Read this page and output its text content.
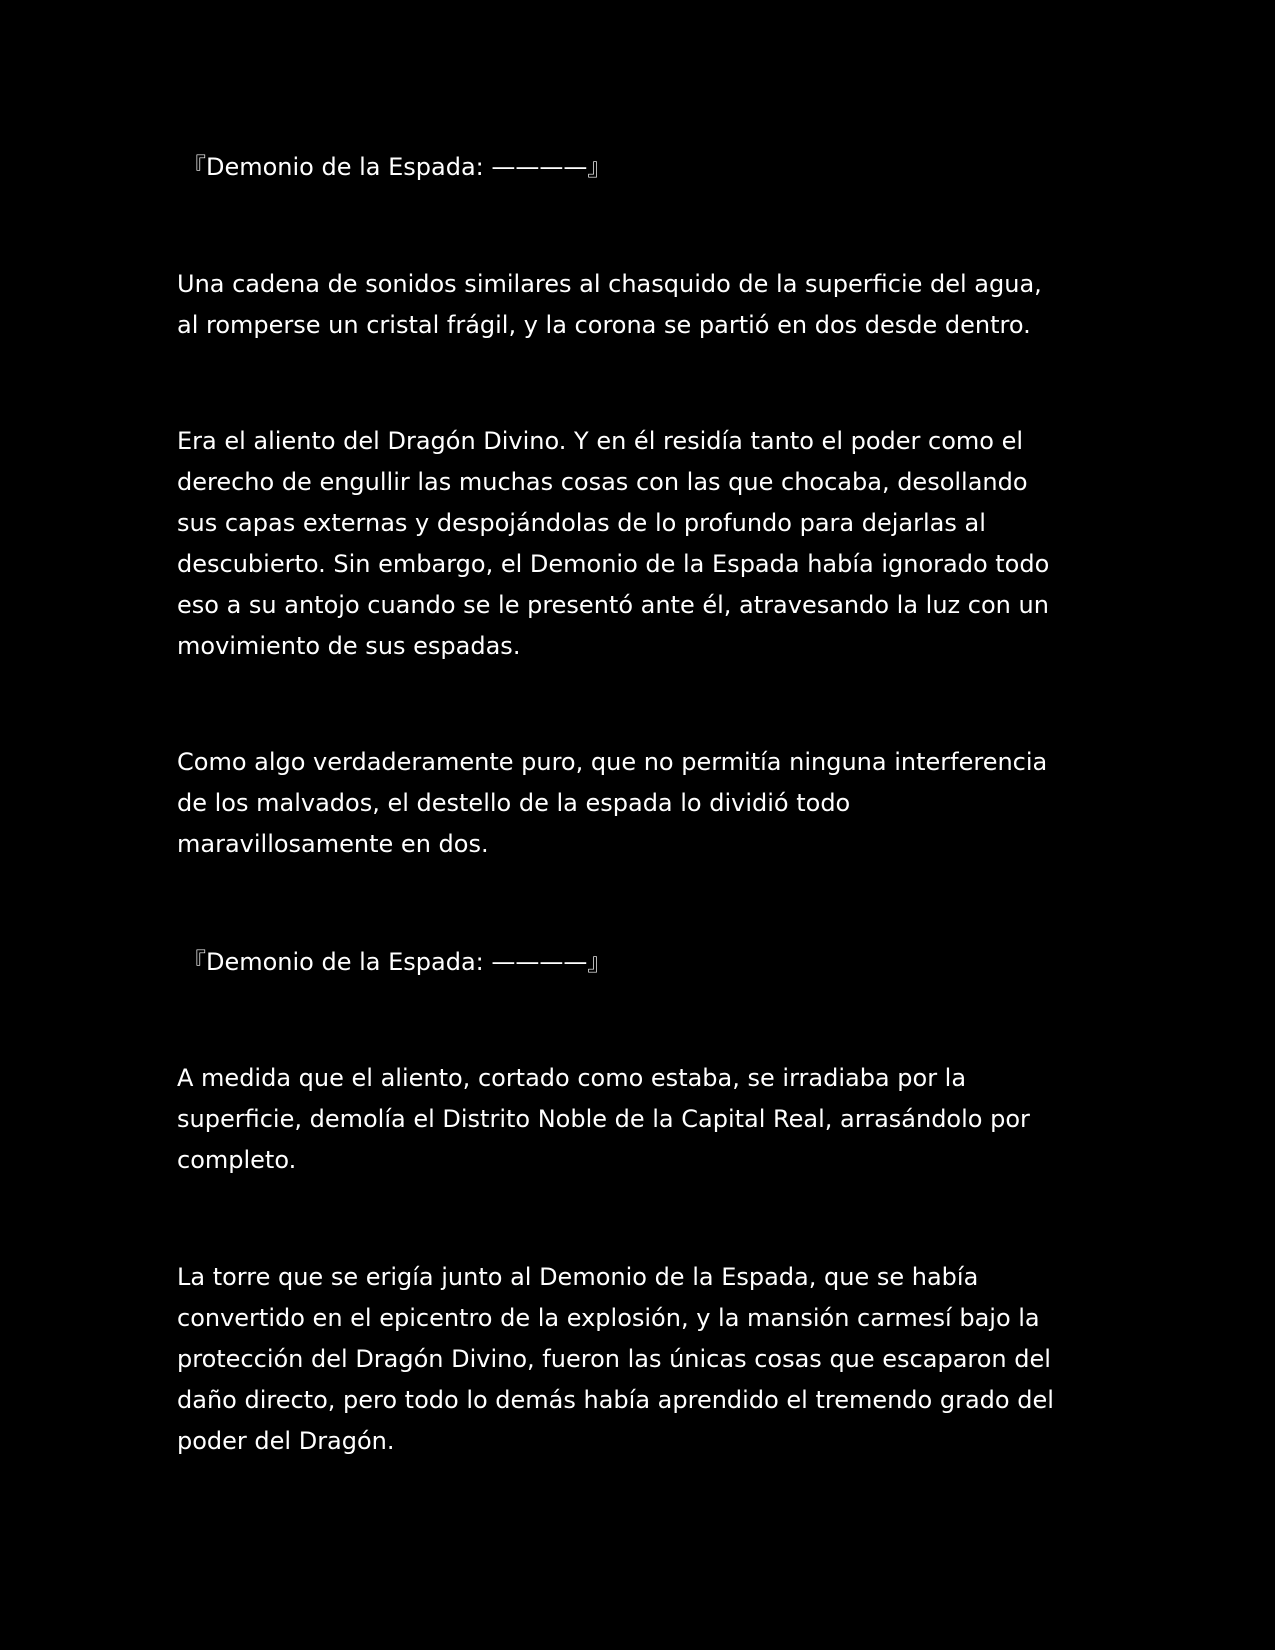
『Demonio de la Espada: ————』

Una cadena de sonidos similares al chasquido de la superficie del agua,
al romperse un cristal frágil, y la corona se partió en dos desde dentro.

Era el aliento del Dragón Divino. Y en él residía tanto el poder como el
derecho de engullir las muchas cosas con las que chocaba, desollando
sus capas externas y despojándolas de lo profundo para dejarlas al
descubierto. Sin embargo, el Demonio de la Espada había ignorado todo
eso a su antojo cuando se le presentó ante él, atravesando la luz con un
movimiento de sus espadas.

Como algo verdaderamente puro, que no permitía ninguna interferencia
de los malvados, el destello de la espada lo dividió todo
maravillosamente en dos.

『Demonio de la Espada: ————』

A medida que el aliento, cortado como estaba, se irradiaba por la
superficie, demolía el Distrito Noble de la Capital Real, arrasándolo por
completo.

La torre que se erigía junto al Demonio de la Espada, que se había
convertido en el epicentro de la explosión, y la mansión carmesí bajo la
protección del Dragón Divino, fueron las únicas cosas que escaparon del
daño directo, pero todo lo demás había aprendido el tremendo grado del
poder del Dragón.
